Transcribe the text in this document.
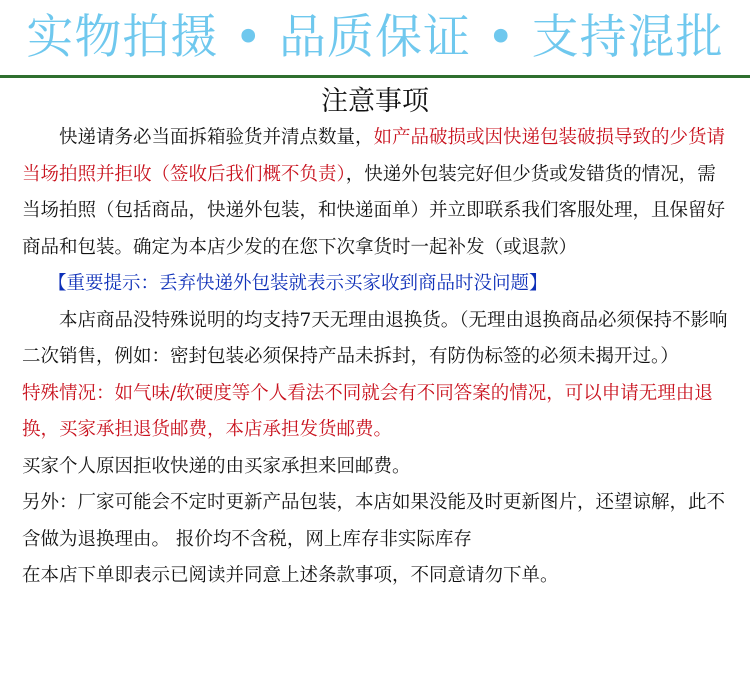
实物拍摄 • 品质保证 • 支持混批
注意事项

快递请务必当面拆箱验货并清点数量，如产品破损或因快递包装破损导致的少货请当场拍照并拒收（签收后我们概不负责），快递外包装完好但少货或发错货的情况，需当场拍照（包括商品，快递外包装，和快递面单）并立即联系我们客服处理，且保留好商品和包装。确定为本店少发的在您下次拿货时一起补发（或退款）

【重要提示：丢弃快递外包装就表示买家收到商品时没问题】

本店商品没特殊说明的均支持7天无理由退换货。（无理由退换商品必须保持不影响二次销售，例如：密封包装必须保持产品未拆封，有防伪标签的必须未揭开过。）

特殊情况：如气味/软硬度等个人看法不同就会有不同答案的情况，可以申请无理由退换，买家承担退货邮费，本店承担发货邮费。

买家个人原因拒收快递的由买家承担来回邮费。

另外：厂家可能会不定时更新产品包装，本店如果没能及时更新图片，还望谅解，此不含做为退换理由。 报价均不含税，网上库存非实际库存

在本店下单即表示已阅读并同意上述条款事项，不同意请勿下单。
